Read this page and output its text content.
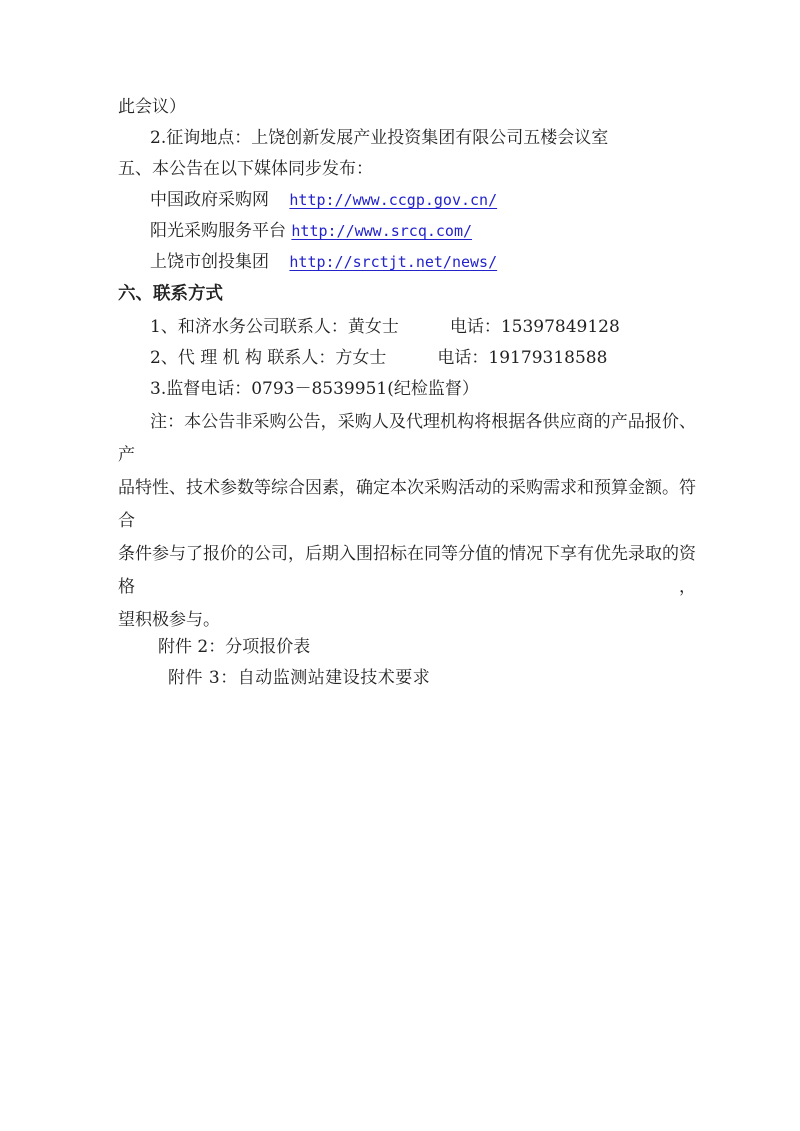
此会议）
2.征询地点：上饶创新发展产业投资集团有限公司五楼会议室
五、本公告在以下媒体同步发布：
中国政府采购网 http://www.ccgp.gov.cn/
阳光采购服务平台 http://www.srcq.com/
上饶市创投集团 http://srctjt.net/news/
六、联系方式
1、和济水务公司联系人：黄女士　　　电话：15397849128
2、代 理 机 构 联系人：方女士　　　电话：19179318588
3.监督电话：0793－8539951(纪检监督）
注：本公告非采购公告，采购人及代理机构将根据各供应商的产品报价、产
品特性、技术参数等综合因素，确定本次采购活动的采购需求和预算金额。符合
条件参与了报价的公司，后期入围招标在同等分值的情况下享有优先录取的资格，
望积极参与。
附件 2：分项报价表
附件 3：自动监测站建设技术要求
